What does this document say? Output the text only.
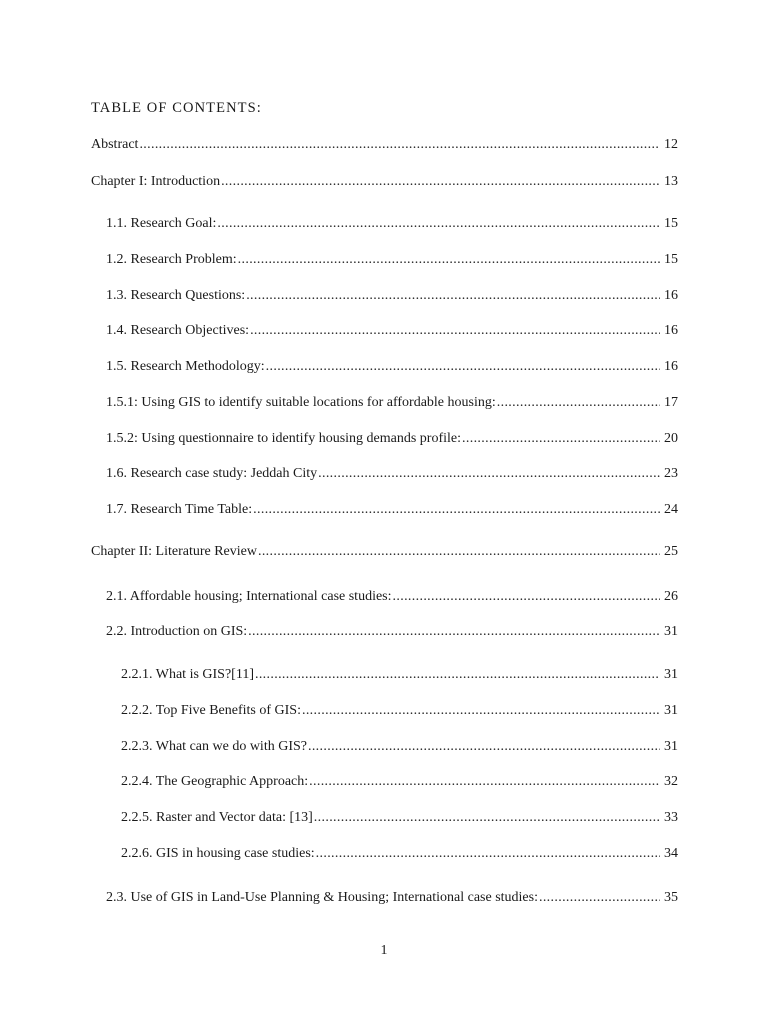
TABLE OF CONTENTS:
Abstract .....	12
Chapter I: Introduction .....	13
1.1. Research Goal: .....	15
1.2. Research Problem: .....	15
1.3. Research Questions: .....	16
1.4. Research Objectives: .....	16
1.5. Research Methodology: .....	16
1.5.1: Using GIS to identify suitable locations for affordable housing: .....	17
1.5.2: Using questionnaire to identify housing demands profile: .....	20
1.6. Research case study: Jeddah City .....	23
1.7. Research Time Table: .....	24
Chapter II: Literature Review .....	25
2.1. Affordable housing; International case studies: .....	26
2.2. Introduction on GIS: .....	31
2.2.1. What is GIS?[11] .....	31
2.2.2. Top Five Benefits of GIS: .....	31
2.2.3. What can we do with GIS? .....	31
2.2.4. The Geographic Approach: .....	32
2.2.5. Raster and Vector data: [13] .....	33
2.2.6. GIS in housing case studies: .....	34
2.3. Use of GIS in Land-Use Planning & Housing; International case studies: .....	35
1
